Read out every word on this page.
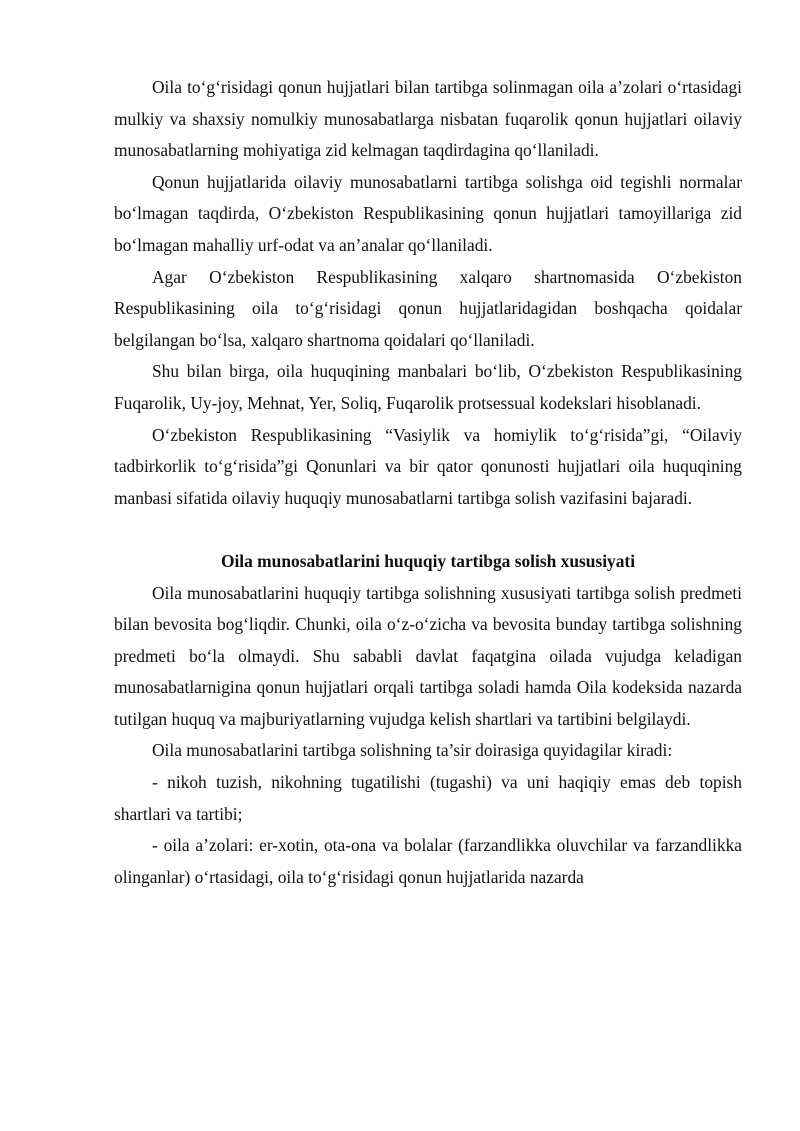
Oila to‘g‘risidagi qonun hujjatlari bilan tartibga solinmagan oila a’zolari o‘rtasidagi mulkiy va shaxsiy nomulkiy munosabatlarga nisbatan fuqarolik qonun hujjatlari oilaviy munosabatlarning mohiyatiga zid kelmagan taqdirdagina qo‘llaniladi.

Qonun hujjatlarida oilaviy munosabatlarni tartibga solishga oid tegishli normalar bo‘lmagan taqdirda, O‘zbekiston Respublikasining qonun hujjatlari tamoyillariga zid bo‘lmagan mahalliy urf-odat va an’analar qo‘llaniladi.

Agar O‘zbekiston Respublikasining xalqaro shartnomasida O‘zbekiston Respublikasining oila to‘g‘risidagi qonun hujjatlaridagidan boshqacha qoidalar belgilangan bo‘lsa, xalqaro shartnoma qoidalari qo‘llaniladi.

Shu bilan birga, oila huquqining manbalari bo‘lib, O‘zbekiston Respublikasining Fuqarolik, Uy-joy, Mehnat, Yer, Soliq, Fuqarolik protsessual kodekslari hisoblanadi.

O‘zbekiston Respublikasining “Vasiylik va homiylik to‘g‘risida”gi, “Oilaviy tadbirkorlik to‘g‘risida”gi Qonunlari va bir qator qonunosti hujjatlari oila huquqining manbasi sifatida oilaviy huquqiy munosabatlarni tartibga solish vazifasini bajaradi.

Oila munosabatlarini huquqiy tartibga solish xususiyati

Oila munosabatlarini huquqiy tartibga solishning xususiyati tartibga solish predmeti bilan bevosita bog‘liqdir. Chunki, oila o‘z-o‘zicha va bevosita bunday tartibga solishning predmeti bo‘la olmaydi. Shu sababli davlat faqatgina oilada vujudga keladigan munosabatlarnigina qonun hujjatlari orqali tartibga soladi hamda Oila kodeksida nazarda tutilgan huquq va majburiyatlarning vujudga kelish shartlari va tartibini belgilaydi.

Oila munosabatlarini tartibga solishning ta’sir doirasiga quyidagilar kiradi:

- nikoh tuzish, nikohning tugatilishi (tugashi) va uni haqiqiy emas deb topish shartlari va tartibi;

- oila a’zolari: er-xotin, ota-ona va bolalar (farzandlikka oluvchilar va farzandlikka olinganlar) o‘rtasidagi, oila to‘g‘risidagi qonun hujjatlarida nazarda
